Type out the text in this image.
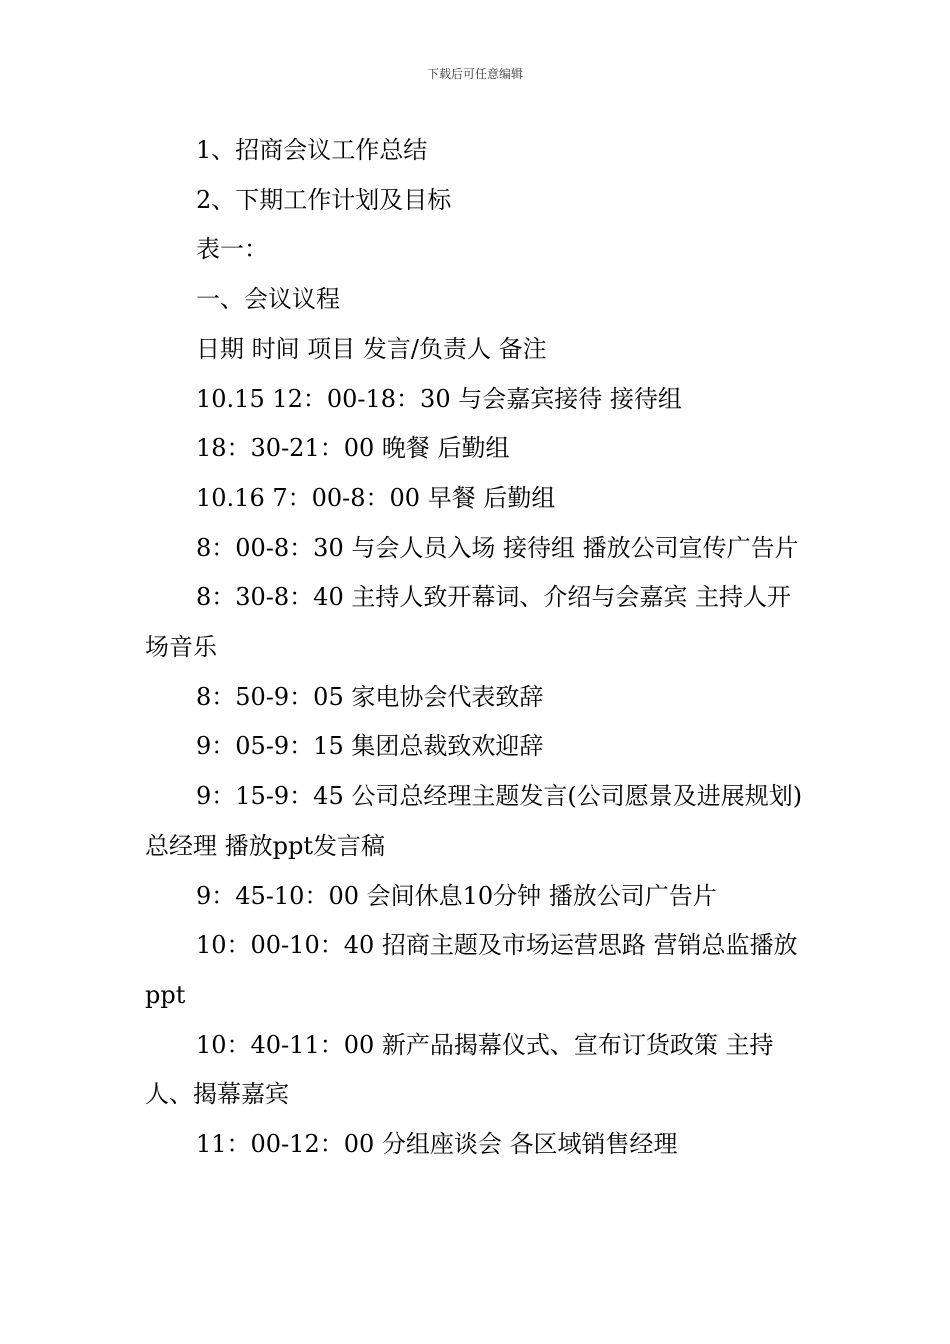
下载后可任意编辑

1、招商会议工作总结

2、下期工作计划及目标

表一：

一、会议议程

日期 时间 项目 发言/负责人 备注

10.15 12：00-18：30 与会嘉宾接待 接待组

18：30-21：00 晚餐 后勤组

10.16 7：00-8：00 早餐 后勤组

8：00-8：30 与会人员入场 接待组 播放公司宣传广告片

8：30-8：40 主持人致开幕词、介绍与会嘉宾 主持人开场音乐

8：50-9：05 家电协会代表致辞

9：05-9：15 集团总裁致欢迎辞

9：15-9：45 公司总经理主题发言(公司愿景及进展规划) 总经理 播放ppt发言稿

9：45-10：00 会间休息10分钟 播放公司广告片

10：00-10：40 招商主题及市场运营思路 营销总监播放ppt

10：40-11：00 新产品揭幕仪式、宣布订货政策 主持人、揭幕嘉宾

11：00-12：00 分组座谈会 各区域销售经理
